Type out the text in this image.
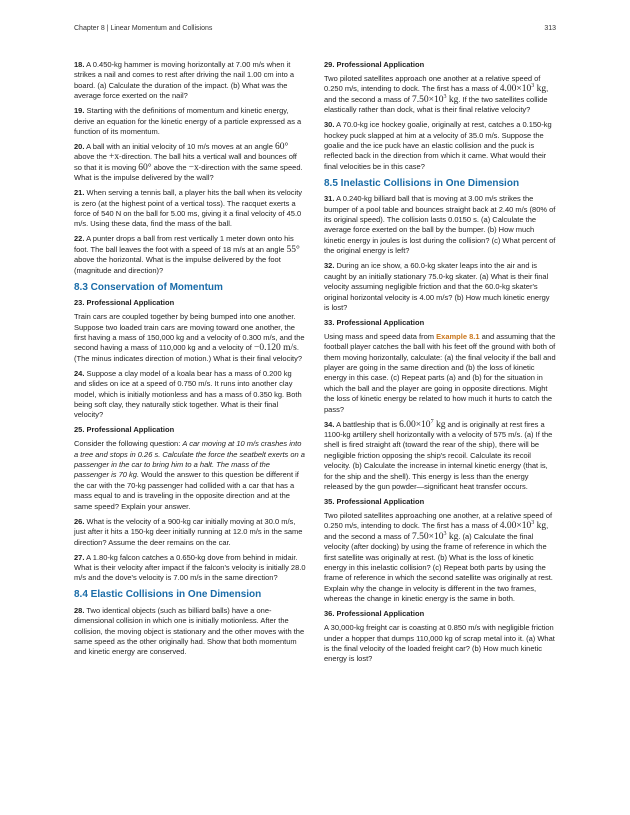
Chapter 8 | Linear Momentum and Collisions	313

18. A 0.450-kg hammer is moving horizontally at 7.00 m/s when it strikes a nail and comes to rest after driving the nail 1.00 cm into a board. (a) Calculate the duration of the impact. (b) What was the average force exerted on the nail?

19. Starting with the definitions of momentum and kinetic energy, derive an equation for the kinetic energy of a particle expressed as a function of its momentum.

20. A ball with an initial velocity of 10 m/s moves at an angle 60° above the +x-direction. The ball hits a vertical wall and bounces off so that it is moving 60° above the −x-direction with the same speed. What is the impulse delivered by the wall?

21. When serving a tennis ball, a player hits the ball when its velocity is zero (at the highest point of a vertical toss). The racquet exerts a force of 540 N on the ball for 5.00 ms, giving it a final velocity of 45.0 m/s. Using these data, find the mass of the ball.

22. A punter drops a ball from rest vertically 1 meter down onto his foot. The ball leaves the foot with a speed of 18 m/s at an angle 55° above the horizontal. What is the impulse delivered by the foot (magnitude and direction)?

8.3 Conservation of Momentum
23. Professional Application

Train cars are coupled together by being bumped into one another. Suppose two loaded train cars are moving toward one another, the first having a mass of 150,000 kg and a velocity of 0.300 m/s, and the second having a mass of 110,000 kg and a velocity of −0.120 m/s. (The minus indicates direction of motion.) What is their final velocity?

24. Suppose a clay model of a koala bear has a mass of 0.200 kg and slides on ice at a speed of 0.750 m/s. It runs into another clay model, which is initially motionless and has a mass of 0.350 kg. Both being soft clay, they naturally stick together. What is their final velocity?

25. Professional Application

Consider the following question: A car moving at 10 m/s crashes into a tree and stops in 0.26 s. Calculate the force the seatbelt exerts on a passenger in the car to bring him to a halt. The mass of the passenger is 70 kg. Would the answer to this question be different if the car with the 70-kg passenger had collided with a car that has a mass equal to and is traveling in the opposite direction and at the same speed? Explain your answer.

26. What is the velocity of a 900-kg car initially moving at 30.0 m/s, just after it hits a 150-kg deer initially running at 12.0 m/s in the same direction? Assume the deer remains on the car.

27. A 1.80-kg falcon catches a 0.650-kg dove from behind in midair. What is their velocity after impact if the falcon's velocity is initially 28.0 m/s and the dove's velocity is 7.00 m/s in the same direction?

8.4 Elastic Collisions in One Dimension

28. Two identical objects (such as billiard balls) have a one-dimensional collision in which one is initially motionless. After the collision, the moving object is stationary and the other moves with the same speed as the other originally had. Show that both momentum and kinetic energy are conserved.

29. Professional Application

Two piloted satellites approach one another at a relative speed of 0.250 m/s, intending to dock. The first has a mass of $4.00\times 10^3$ kg, and the second a mass of $7.50\times 10^3$ kg. If the two satellites collide elastically rather than dock, what is their final relative velocity?

30. A 70.0-kg ice hockey goalie, originally at rest, catches a 0.150-kg hockey puck slapped at him at a velocity of 35.0 m/s. Suppose the goalie and the ice puck have an elastic collision and the puck is reflected back in the direction from which it came. What would their final velocities be in this case?

8.5 Inelastic Collisions in One Dimension

31. A 0.240-kg billiard ball that is moving at 3.00 m/s strikes the bumper of a pool table and bounces straight back at 2.40 m/s (80% of its original speed). The collision lasts 0.0150 s. (a) Calculate the average force exerted on the ball by the bumper. (b) How much kinetic energy in joules is lost during the collision? (c) What percent of the original energy is left?

32. During an ice show, a 60.0-kg skater leaps into the air and is caught by an initially stationary 75.0-kg skater. (a) What is their final velocity assuming negligible friction and that the 60.0-kg skater's original horizontal velocity is 4.00 m/s? (b) How much kinetic energy is lost?

33. Professional Application

Using mass and speed data from Example 8.1 and assuming that the football player catches the ball with his feet off the ground with both of them moving horizontally, calculate: (a) the final velocity if the ball and player are going in the same direction and (b) the loss of kinetic energy in this case. (c) Repeat parts (a) and (b) for the situation in which the ball and the player are going in opposite directions. Might the loss of kinetic energy be related to how much it hurts to catch the pass?

34. A battleship that is $6.00\times 10^7$ kg and is originally at rest fires a 1100-kg artillery shell horizontally with a velocity of 575 m/s. (a) If the shell is fired straight aft (toward the rear of the ship), there will be negligible friction opposing the ship's recoil. Calculate its recoil velocity. (b) Calculate the increase in internal kinetic energy (that is, for the ship and the shell). This energy is less than the energy released by the gun powder—significant heat transfer occurs.

35. Professional Application

Two piloted satellites approaching one another, at a relative speed of 0.250 m/s, intending to dock. The first has a mass of $4.00\times 10^3$ kg, and the second a mass of $7.50\times 10^3$ kg. (a) Calculate the final velocity (after docking) by using the frame of reference in which the first satellite was originally at rest. (b) What is the loss of kinetic energy in this inelastic collision? (c) Repeat both parts by using the frame of reference in which the second satellite was originally at rest. Explain why the change in velocity is different in the two frames, whereas the change in kinetic energy is the same in both.

36. Professional Application

A 30,000-kg freight car is coasting at 0.850 m/s with negligible friction under a hopper that dumps 110,000 kg of scrap metal into it. (a) What is the final velocity of the loaded freight car? (b) How much kinetic energy is lost?
